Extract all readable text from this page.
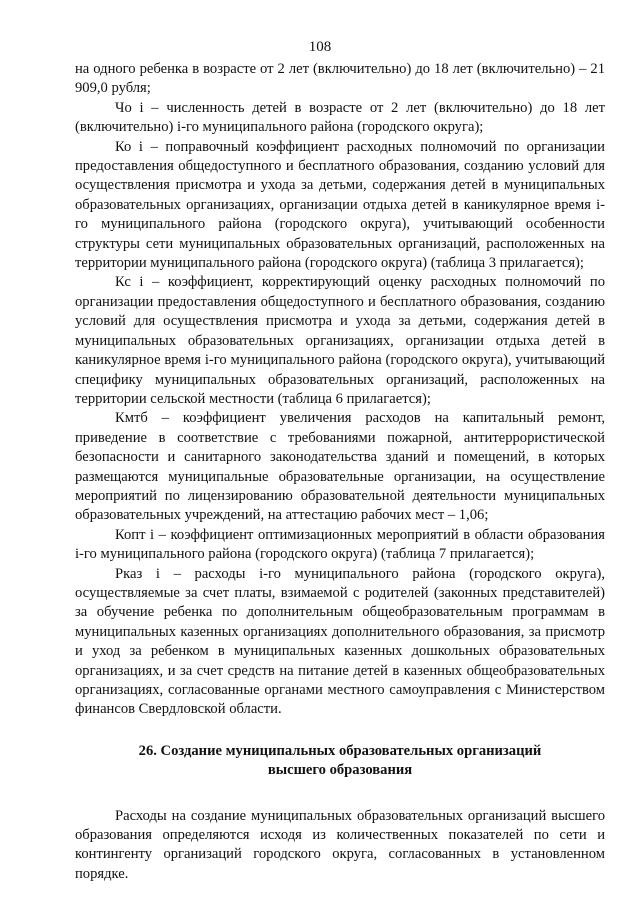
108

на одного ребенка в возрасте от 2 лет (включительно) до 18 лет (включительно) – 21 909,0 рубля;

Чо i – численность детей в возрасте от 2 лет (включительно) до 18 лет (включительно) i-го муниципального района (городского округа);

Ко i – поправочный коэффициент расходных полномочий по организации предоставления общедоступного и бесплатного образования, созданию условий для осуществления присмотра и ухода за детьми, содержания детей в муниципальных образовательных организациях, организации отдыха детей в каникулярное время i-го муниципального района (городского округа), учитывающий особенности структуры сети муниципальных образовательных организаций, расположенных на территории муниципального района (городского округа) (таблица 3 прилагается);

Кс i – коэффициент, корректирующий оценку расходных полномочий по организации предоставления общедоступного и бесплатного образования, созданию условий для осуществления присмотра и ухода за детьми, содержания детей в муниципальных образовательных организациях, организации отдыха детей в каникулярное время i-го муниципального района (городского округа), учитывающий специфику муниципальных образовательных организаций, расположенных на территории сельской местности (таблица 6 прилагается);

Кмтб – коэффициент увеличения расходов на капитальный ремонт, приведение в соответствие с требованиями пожарной, антитеррористической безопасности и санитарного законодательства зданий и помещений, в которых размещаются муниципальные образовательные организации, на осуществление мероприятий по лицензированию образовательной деятельности муниципальных образовательных учреждений, на аттестацию рабочих мест – 1,06;

Копт i – коэффициент оптимизационных мероприятий в области образования i-го муниципального района (городского округа) (таблица 7 прилагается);

Рказ i – расходы i-го муниципального района (городского округа), осуществляемые за счет платы, взимаемой с родителей (законных представителей) за обучение ребенка по дополнительным общеобразовательным программам в муниципальных казенных организациях дополнительного образования, за присмотр и уход за ребенком в муниципальных казенных дошкольных образовательных организациях, и за счет средств на питание детей в казенных общеобразовательных организациях, согласованные органами местного самоуправления с Министерством финансов Свердловской области.

26. Создание муниципальных образовательных организаций
высшего образования

Расходы на создание муниципальных образовательных организаций высшего образования определяются исходя из количественных показателей по сети и контингенту организаций городского округа, согласованных в установленном порядке.
